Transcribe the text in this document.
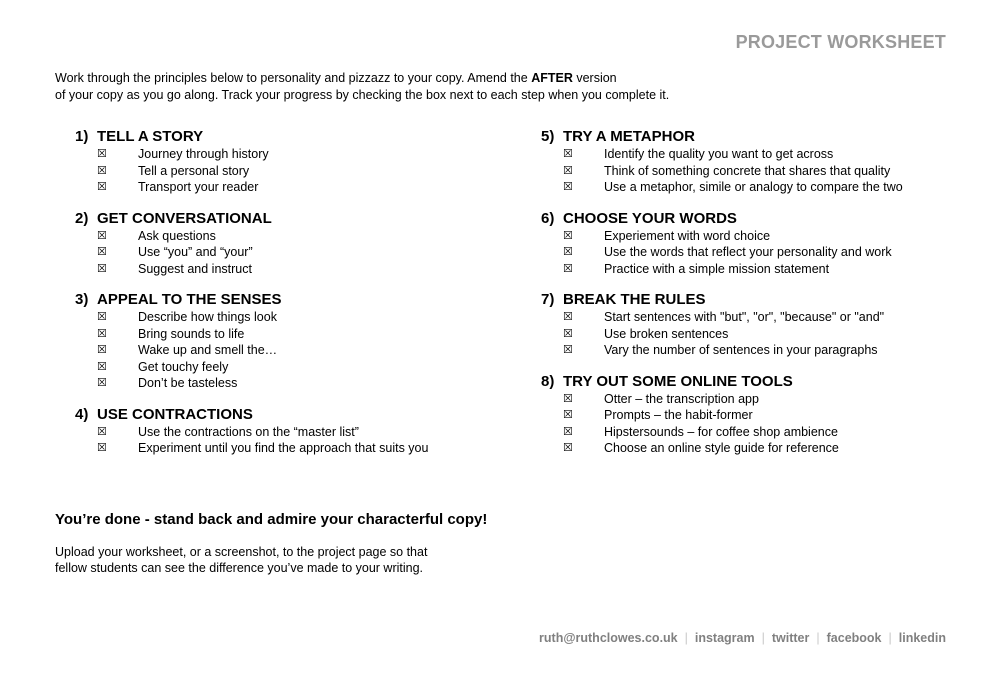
PROJECT WORKSHEET
Work through the principles below to personality and pizzazz to your copy. Amend the AFTER version
of your copy as you go along. Track your progress by checking the box next to each step when you complete it.
1) TELL A STORY
☒	Journey through history
☒	Tell a personal story
☒	Transport your reader
2) GET CONVERSATIONAL
☒	Ask questions
☒	Use “you” and “your”
☒	Suggest and instruct
3) APPEAL TO THE SENSES
☒	Describe how things look
☒	Bring sounds to life
☒	Wake up and smell the…
☒	Get touchy feely
☒	Don’t be tasteless
4) USE CONTRACTIONS
☒	Use the contractions on the “master list”
☒	Experiment until you find the approach that suits you
5) TRY A METAPHOR
☒	Identify the quality you want to get across
☒	Think of something concrete that shares that quality
☒	Use a metaphor, simile or analogy to compare the two
6) CHOOSE YOUR WORDS
☒	Experiement with word choice
☒	Use the words that reflect your personality and work
☒	Practice with a simple mission statement
7) BREAK THE RULES
☒	Start sentences with "but", "or", "because" or "and"
☒	Use broken sentences
☒	Vary the number of sentences in your paragraphs
8) TRY OUT SOME ONLINE TOOLS
☒	Otter – the transcription app
☒	Prompts – the habit-former
☒	Hipstersounds – for coffee shop ambience
☒	Choose an online style guide for reference
You’re done - stand back and admire your characterful copy!
Upload your worksheet, or a screenshot, to the project page so that
fellow students can see the difference you’ve made to your writing.
ruth@ruthclowes.co.uk | instagram | twitter | facebook | linkedin
